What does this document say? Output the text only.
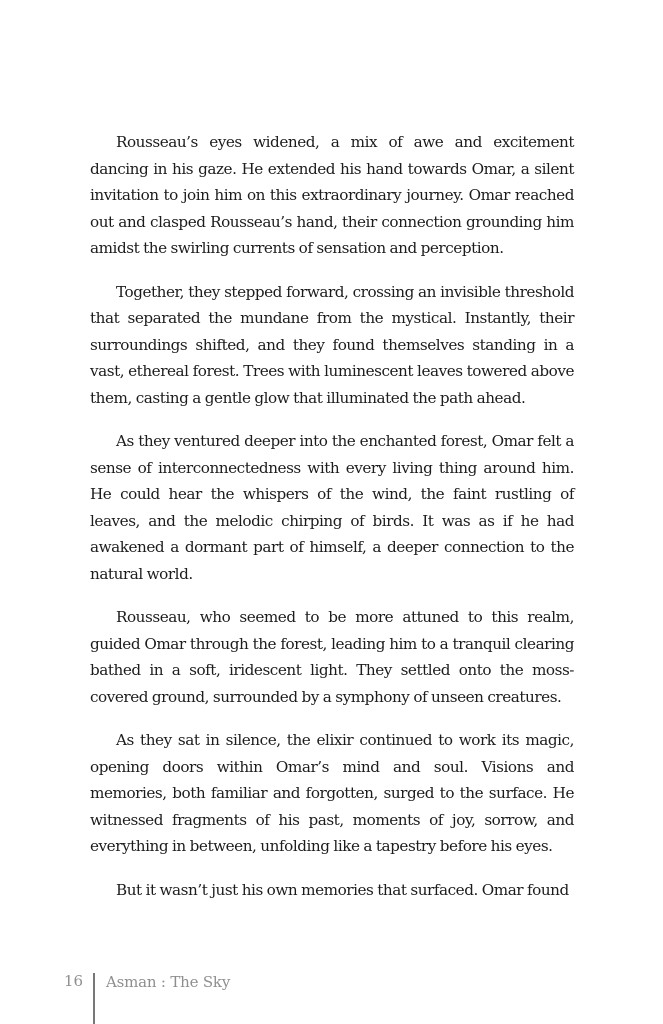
Rousseau’s eyes widened, a mix of awe and excitement dancing in his gaze. He extended his hand towards Omar, a silent invitation to join him on this extraordinary journey. Omar reached out and clasped Rousseau’s hand, their connection grounding him amidst the swirling currents of sensation and perception.

Together, they stepped forward, crossing an invisible threshold that separated the mundane from the mystical. Instantly, their surroundings shifted, and they found themselves standing in a vast, ethereal forest. Trees with luminescent leaves towered above them, casting a gentle glow that illuminated the path ahead.

As they ventured deeper into the enchanted forest, Omar felt a sense of interconnectedness with every living thing around him. He could hear the whispers of the wind, the faint rustling of leaves, and the melodic chirping of birds. It was as if he had awakened a dormant part of himself, a deeper connection to the natural world.

Rousseau, who seemed to be more attuned to this realm, guided Omar through the forest, leading him to a tranquil clearing bathed in a soft, iridescent light. They settled onto the moss-covered ground, surrounded by a symphony of unseen creatures.

As they sat in silence, the elixir continued to work its magic, opening doors within Omar’s mind and soul. Visions and memories, both familiar and forgotten, surged to the surface. He witnessed fragments of his past, moments of joy, sorrow, and everything in between, unfolding like a tapestry before his eyes.

But it wasn’t just his own memories that surfaced. Omar found

16 Asman : The Sky
